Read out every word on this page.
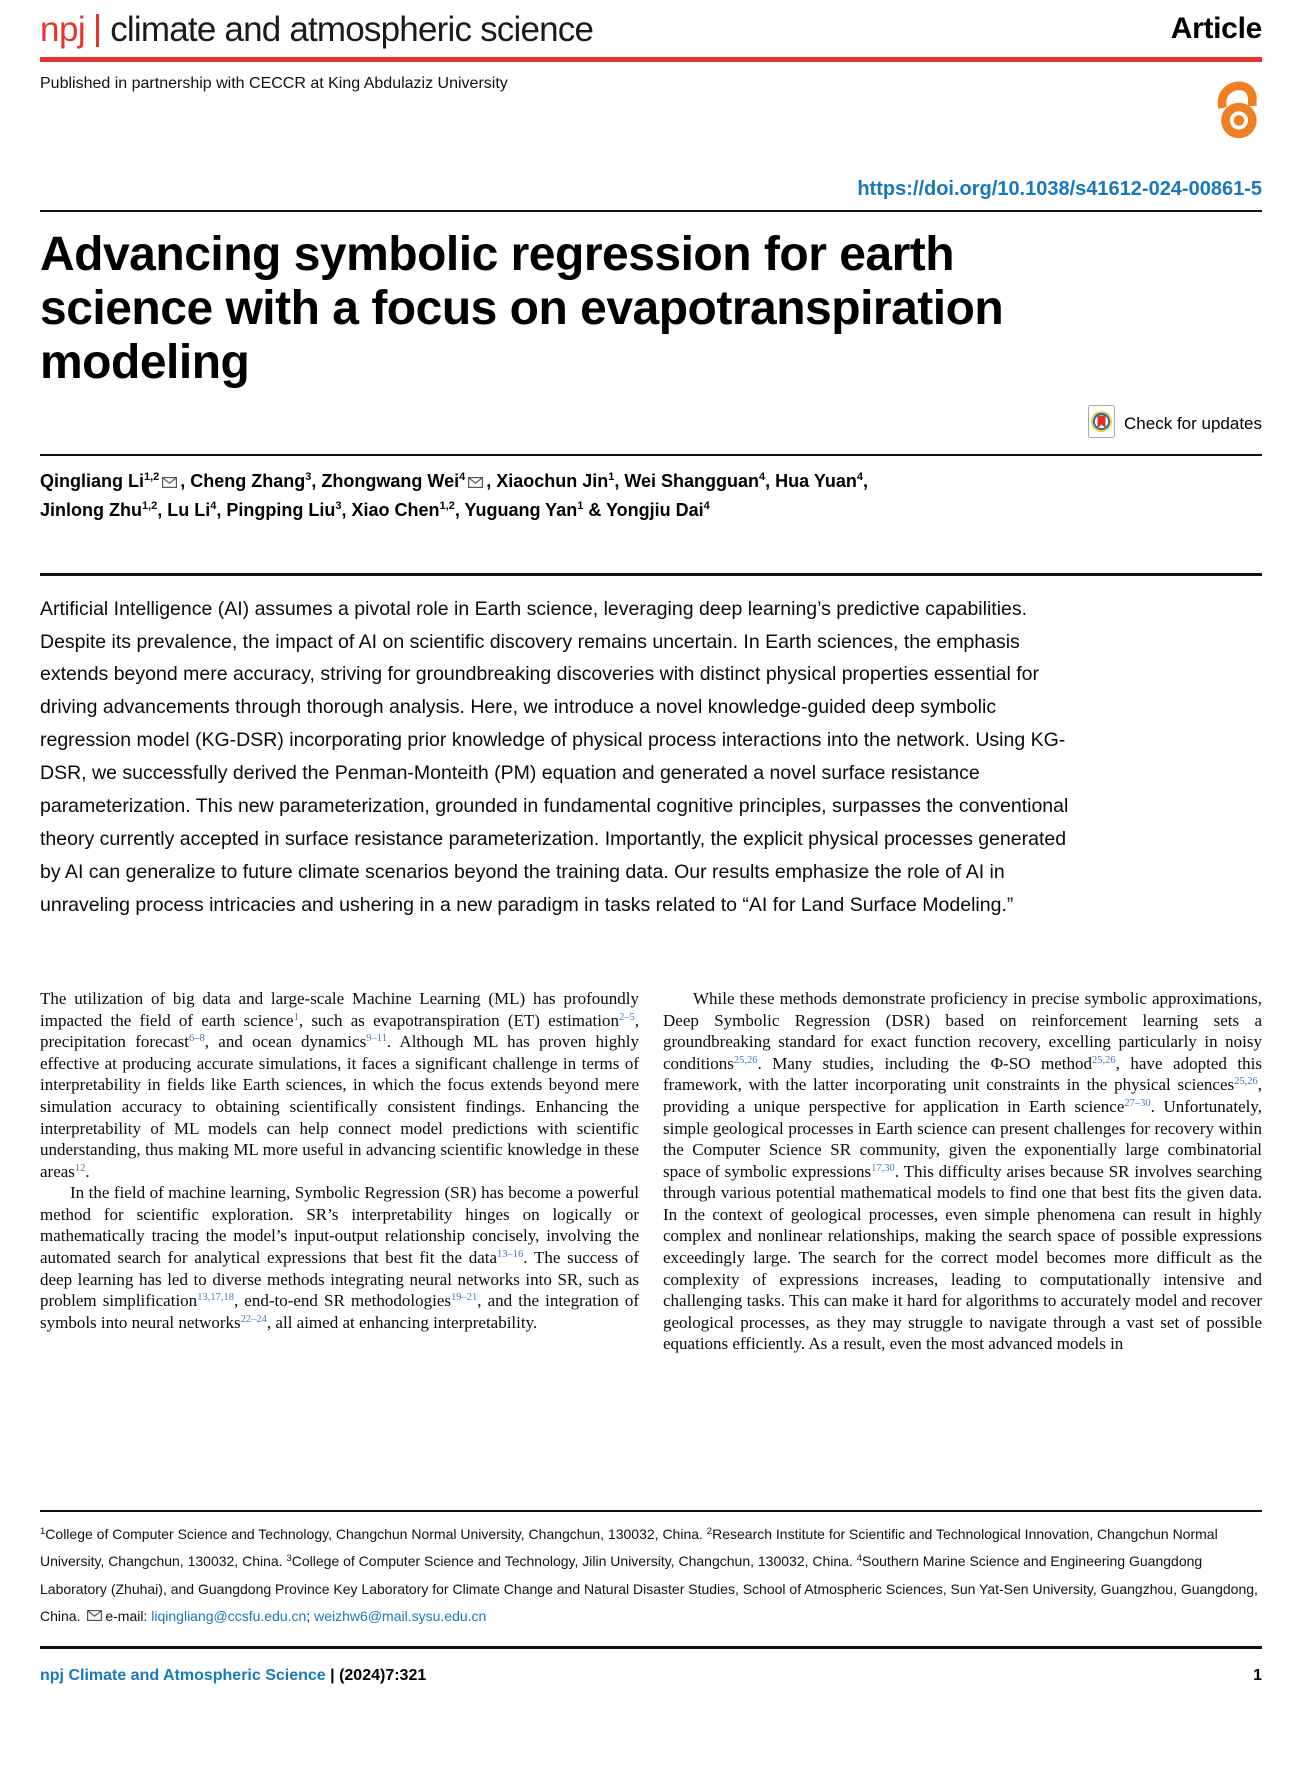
npj climate and atmospheric science	Article
Published in partnership with CECCR at King Abdulaziz University
https://doi.org/10.1038/s41612-024-00861-5
Advancing symbolic regression for earth science with a focus on evapotranspiration modeling
Check for updates
Qingliang Li$^{1,2}$ , Cheng Zhang$^3$, Zhongwang Wei$^4$ , Xiaochun Jin$^1$, Wei Shangguan$^4$, Hua Yuan$^4$,
Jinlong Zhu$^{1,2}$, Lu Li$^4$, Pingping Liu$^3$, Xiao Chen$^{1,2}$, Yuguang Yan$^1$ & Yongjiu Dai$^4$

Artificial Intelligence (AI) assumes a pivotal role in Earth science, leveraging deep learning’s predictive capabilities. Despite its prevalence, the impact of AI on scientific discovery remains uncertain. In Earth sciences, the emphasis extends beyond mere accuracy, striving for groundbreaking discoveries with distinct physical properties essential for driving advancements through thorough analysis. Here, we introduce a novel knowledge-guided deep symbolic regression model (KG-DSR) incorporating prior knowledge of physical process interactions into the network. Using KG-DSR, we successfully derived the Penman-Monteith (PM) equation and generated a novel surface resistance parameterization. This new parameterization, grounded in fundamental cognitive principles, surpasses the conventional theory currently accepted in surface resistance parameterization. Importantly, the explicit physical processes generated by AI can generalize to future climate scenarios beyond the training data. Our results emphasize the role of AI in unraveling process intricacies and ushering in a new paradigm in tasks related to “AI for Land Surface Modeling.”

The utilization of big data and large-scale Machine Learning (ML) has profoundly impacted the field of earth science$^1$, such as evapotranspiration (ET) estimation$^{2-5}$, precipitation forecast$^{6-8}$, and ocean dynamics$^{9-11}$. Although ML has proven highly effective at producing accurate simulations, it faces a significant challenge in terms of interpretability in fields like Earth sciences, in which the focus extends beyond mere simulation accuracy to obtaining scientifically consistent findings. Enhancing the interpretability of ML models can help connect model predictions with scientific understanding, thus making ML more useful in advancing scientific knowledge in these areas$^{12}$.

In the field of machine learning, Symbolic Regression (SR) has become a powerful method for scientific exploration. SR’s interpretability hinges on logically or mathematically tracing the model’s input-output relationship concisely, involving the automated search for analytical expressions that best fit the data$^{13-16}$. The success of deep learning has led to diverse methods integrating neural networks into SR, such as problem simplification$^{13,17,18}$, end-to-end SR methodologies$^{19-21}$, and the integration of symbols into neural networks$^{22-24}$, all aimed at enhancing interpretability.

While these methods demonstrate proficiency in precise symbolic approximations, Deep Symbolic Regression (DSR) based on reinforcement learning sets a groundbreaking standard for exact function recovery, excelling particularly in noisy conditions$^{25,26}$. Many studies, including the Φ-SO method$^{25,26}$, have adopted this framework, with the latter incorporating unit constraints in the physical sciences$^{25,26}$, providing a unique perspective for application in Earth science$^{27-30}$. Unfortunately, simple geological processes in Earth science can present challenges for recovery within the Computer Science SR community, given the exponentially large combinatorial space of symbolic expressions$^{17,30}$. This difficulty arises because SR involves searching through various potential mathematical models to find one that best fits the given data. In the context of geological processes, even simple phenomena can result in highly complex and nonlinear relationships, making the search space of possible expressions exceedingly large. The search for the correct model becomes more difficult as the complexity of expressions increases, leading to computationally intensive and challenging tasks. This can make it hard for algorithms to accurately model and recover geological processes, as they may struggle to navigate through a vast set of possible equations efficiently. As a result, even the most advanced models in

$^1$College of Computer Science and Technology, Changchun Normal University, Changchun, 130032, China. $^2$Research Institute for Scientific and Technological Innovation, Changchun Normal University, Changchun, 130032, China. $^3$College of Computer Science and Technology, Jilin University, Changchun, 130032, China. $^4$Southern Marine Science and Engineering Guangdong Laboratory (Zhuhai), and Guangdong Province Key Laboratory for Climate Change and Natural Disaster Studies, School of Atmospheric Sciences, Sun Yat-Sen University, Guangzhou, Guangdong, China. e-mail: liqingliang@ccsfu.edu.cn; weizhw6@mail.sysu.edu.cn
npj Climate and Atmospheric Science | (2024)7:321	1
